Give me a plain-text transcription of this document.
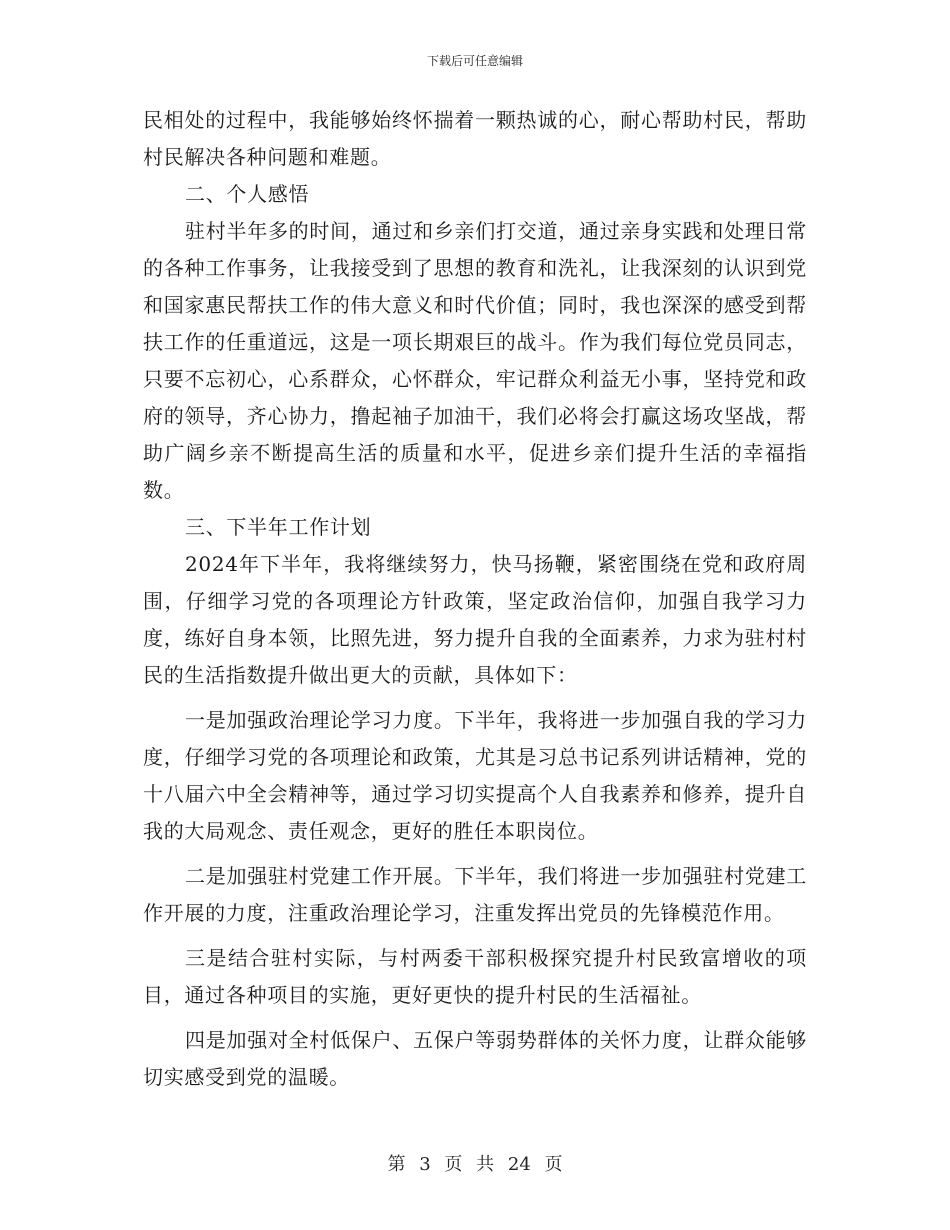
下载后可任意编辑

民相处的过程中，我能够始终怀揣着一颗热诚的心，耐心帮助村民，帮助村民解决各种问题和难题。

二、个人感悟

驻村半年多的时间，通过和乡亲们打交道，通过亲身实践和处理日常的各种工作事务，让我接受到了思想的教育和洗礼，让我深刻的认识到党和国家惠民帮扶工作的伟大意义和时代价值；同时，我也深深的感受到帮扶工作的任重道远，这是一项长期艰巨的战斗。作为我们每位党员同志，只要不忘初心，心系群众，心怀群众，牢记群众利益无小事，坚持党和政府的领导，齐心协力，撸起袖子加油干，我们必将会打赢这场攻坚战，帮助广阔乡亲不断提高生活的质量和水平，促进乡亲们提升生活的幸福指数。

三、下半年工作计划

2024年下半年，我将继续努力，快马扬鞭，紧密围绕在党和政府周围，仔细学习党的各项理论方针政策，坚定政治信仰，加强自我学习力度，练好自身本领，比照先进，努力提升自我的全面素养，力求为驻村村民的生活指数提升做出更大的贡献，具体如下：

一是加强政治理论学习力度。下半年，我将进一步加强自我的学习力度，仔细学习党的各项理论和政策，尤其是习总书记系列讲话精神，党的十八届六中全会精神等，通过学习切实提高个人自我素养和修养，提升自我的大局观念、责任观念，更好的胜任本职岗位。

二是加强驻村党建工作开展。下半年，我们将进一步加强驻村党建工作开展的力度，注重政治理论学习，注重发挥出党员的先锋模范作用。

三是结合驻村实际，与村两委干部积极探究提升村民致富增收的项目，通过各种项目的实施，更好更快的提升村民的生活福祉。

四是加强对全村低保户、五保户等弱势群体的关怀力度，让群众能够切实感受到党的温暖。

第 3 页 共 24 页
